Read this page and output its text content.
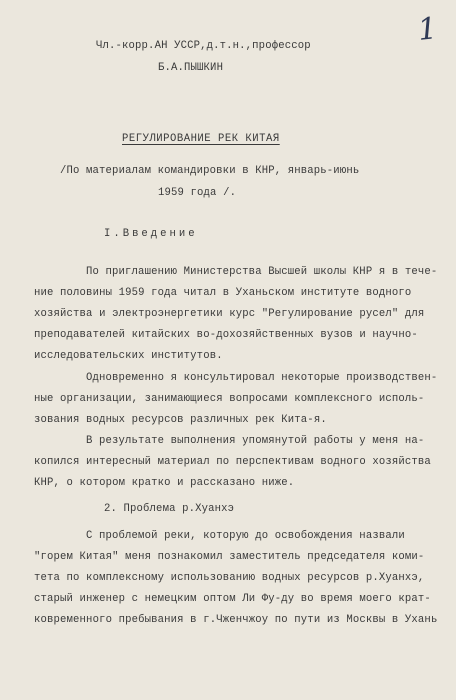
1
Чл.-корр.АН УССР,д.т.н.,профессор
Б.А.ПЫШКИН
РЕГУЛИРОВАНИЕ РЕК КИТАЯ
/По материалам командировки в КНР, январь-июнь
1959 года /.
I.Введение
По приглашению Министерства Высшей школы КНР я в тече-
ние половины 1959 года читал в Уханьском институте водного
хозяйства и электроэнергетики курс "Регулирование русел" для
преподавателей китайских во-дохозяйственных вузов и научно-
исследовательских институтов.
Одновременно я консультировал некоторые производствен-
ные организации, занимающиеся вопросами комплексного исполь-
зования водных ресурсов различных рек Кита-я.
В результате выполнения упомянутой работы у меня на-
копился интересный материал по перспективам водного хозяйства
КНР, о котором кратко и рассказано ниже.
2. Проблема р.Хуанхэ
С проблемой реки, которую до освобождения назвали
"горем Китая" меня познакомил заместитель председателя коми-
тета по комплексному использованию водных ресурсов р.Хуанхэ,
старый инженер с немецким оптом Ли Фу-ду во время моего крат-
ковременного пребывания в г.Чженчжоу по пути из Москвы в Ухань
